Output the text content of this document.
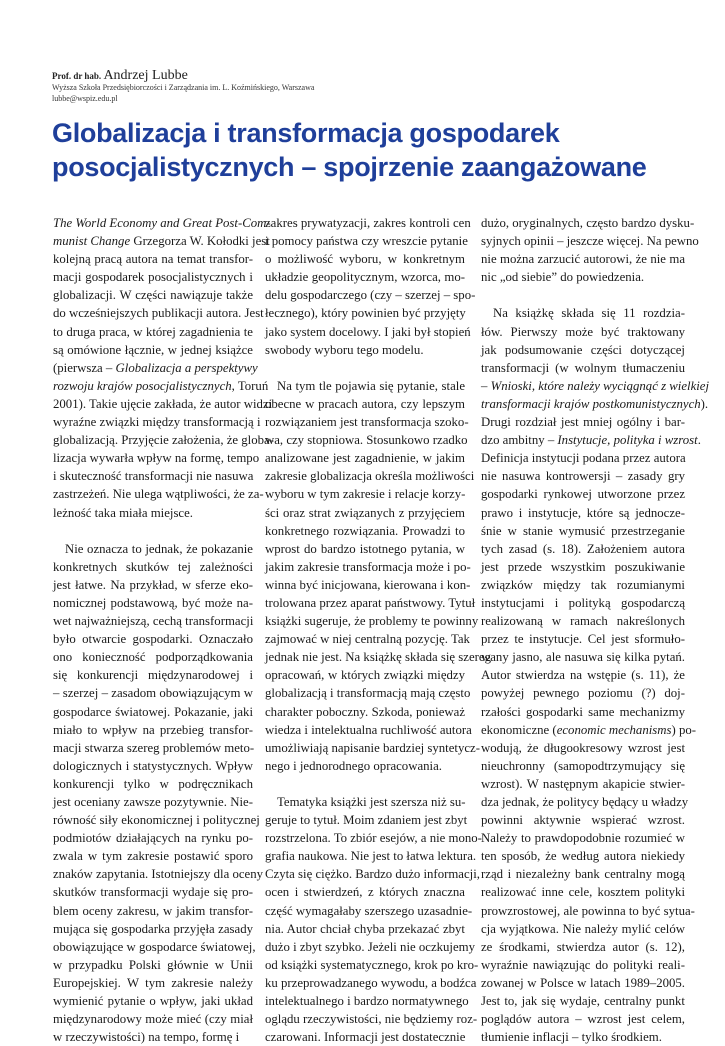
Prof. dr hab. Andrzej Lubbe
Wyższa Szkoła Przedsiębiorczości i Zarządzania im. L. Koźmińskiego, Warszawa
lubbe@wspiz.edu.pl
Globalizacja i transformacja gospodarek
posocjalistycznych – spojrzenie zaangażowane
The World Economy and Great Post-Com-
munist Change Grzegorza W. Kołodki jest
kolejną pracą autora na temat transfor-
macji gospodarek posocjalistycznych i
globalizacji. W części nawiązuje także
do wcześniejszych publikacji autora. Jest
to druga praca, w której zagadnienia te
są omówione łącznie, w jednej książce
(pierwsza – Globalizacja a perspektywy
rozwoju krajów posocjalistycznych, Toruń
2001). Takie ujęcie zakłada, że autor widzi
wyraźne związki między transformacją i
globalizacją. Przyjęcie założenia, że globa-
lizacja wywarła wpływ na formę, tempo
i skuteczność transformacji nie nasuwa
zastrzeżeń. Nie ulega wątpliwości, że za-
leżność taka miała miejsce.
Nie oznacza to jednak, że pokazanie
konkretnych skutków tej zależności
jest łatwe. Na przykład, w sferze eko-
nomicznej podstawową, być może na-
wet najważniejszą, cechą transformacji
było otwarcie gospodarki. Oznaczało
ono konieczność podporządkowania
się konkurencji międzynarodowej i
– szerzej – zasadom obowiązującym w
gospodarce światowej. Pokazanie, jaki
miało to wpływ na przebieg transfor-
macji stwarza szereg problemów meto-
dologicznych i statystycznych. Wpływ
konkurencji tylko w podręcznikach
jest oceniany zawsze pozytywnie. Nie-
równość siły ekonomicznej i politycznej
podmiotów działających na rynku po-
zwala w tym zakresie postawić sporo
znaków zapytania. Istotniejszy dla oceny
skutków transformacji wydaje się pro-
blem oceny zakresu, w jakim transfor-
mująca się gospodarka przyjęła zasady
obowiązujące w gospodarce światowej,
w przypadku Polski głównie w Unii
Europejskiej. W tym zakresie należy
wymienić pytanie o wpływ, jaki układ
międzynarodowy może mieć (czy miał
w rzeczywistości) na tempo, formę i
zakres prywatyzacji, zakres kontroli cen
i pomocy państwa czy wreszcie pytanie
o możliwość wyboru, w konkretnym
układzie geopolitycznym, wzorca, mo-
delu gospodarczego (czy – szerzej – spo-
łecznego), który powinien być przyjęty
jako system docelowy. I jaki był stopień
swobody wyboru tego modelu.
Na tym tle pojawia się pytanie, stale
obecne w pracach autora, czy lepszym
rozwiązaniem jest transformacja szoko-
wa, czy stopniowa. Stosunkowo rzadko
analizowane jest zagadnienie, w jakim
zakresie globalizacja określa możliwości
wyboru w tym zakresie i relacje korzy-
ści oraz strat związanych z przyjęciem
konkretnego rozwiązania. Prowadzi to
wprost do bardzo istotnego pytania, w
jakim zakresie transformacja może i po-
winna być inicjowana, kierowana i kon-
trolowana przez aparat państwowy. Tytuł
książki sugeruje, że problemy te powinny
zajmować w niej centralną pozycję. Tak
jednak nie jest. Na książkę składa się szereg
opracowań, w których związki między
globalizacją i transformacją mają często
charakter poboczny. Szkoda, ponieważ
wiedza i intelektualna ruchliwość autora
umożliwiają napisanie bardziej syntetycz-
nego i jednorodnego opracowania.
Tematyka książki jest szersza niż su-
geruje to tytuł. Moim zdaniem jest zbyt
rozstrzelona. To zbiór esejów, a nie mono-
grafia naukowa. Nie jest to łatwa lektura.
Czyta się ciężko. Bardzo dużo informacji,
ocen i stwierdzeń, z których znaczna
część wymagałaby szerszego uzasadnie-
nia. Autor chciał chyba przekazać zbyt
dużo i zbyt szybko. Jeżeli nie oczkujemy
od książki systematycznego, krok po kro-
ku przeprowadzanego wywodu, a bodźca
intelektualnego i bardzo normatywnego
oglądu rzeczywistości, nie będziemy roz-
czarowani. Informacji jest dostatecznie
dużo, oryginalnych, często bardzo dysku-
syjnych opinii – jeszcze więcej. Na pewno
nie można zarzucić autorowi, że nie ma
nic „od siebie” do powiedzenia.
Na książkę składa się 11 rozdzia-
łów. Pierwszy może być traktowany
jak podsumowanie części dotyczącej
transformacji (w wolnym tłumaczeniu
– Wnioski, które należy wyciągnąć z wielkiej
transformacji krajów postkomunistycznych).
Drugi rozdział jest mniej ogólny i bar-
dzo ambitny – Instytucje, polityka i wzrost.
Definicja instytucji podana przez autora
nie nasuwa kontrowersji – zasady gry
gospodarki rynkowej utworzone przez
prawo i instytucje, które są jednocze-
śnie w stanie wymusić przestrzeganie
tych zasad (s. 18). Założeniem autora
jest przede wszystkim poszukiwanie
związków między tak rozumianymi
instytucjami i polityką gospodarczą
realizowaną w ramach nakreślonych
przez te instytucje. Cel jest sformuło-
wany jasno, ale nasuwa się kilka pytań.
Autor stwierdza na wstępie (s. 11), że
powyżej pewnego poziomu (?) doj-
rzałości gospodarki same mechanizmy
ekonomiczne (economic mechanisms) po-
wodują, że długookresowy wzrost jest
nieuchronny (samopodtrzymujący się
wzrost). W następnym akapicie stwier-
dza jednak, że politycy będący u władzy
powinni aktywnie wspierać wzrost.
Należy to prawdopodobnie rozumieć w
ten sposób, że według autora niekiedy
rząd i niezależny bank centralny mogą
realizować inne cele, kosztem polityki
prowzrostowej, ale powinna to być sytua-
cja wyjątkowa. Nie należy mylić celów
ze środkami, stwierdza autor (s. 12),
wyraźnie nawiązując do polityki reali-
zowanej w Polsce w latach 1989–2005.
Jest to, jak się wydaje, centralny punkt
poglądów autora – wzrost jest celem,
tłumienie inflacji – tylko środkiem.
